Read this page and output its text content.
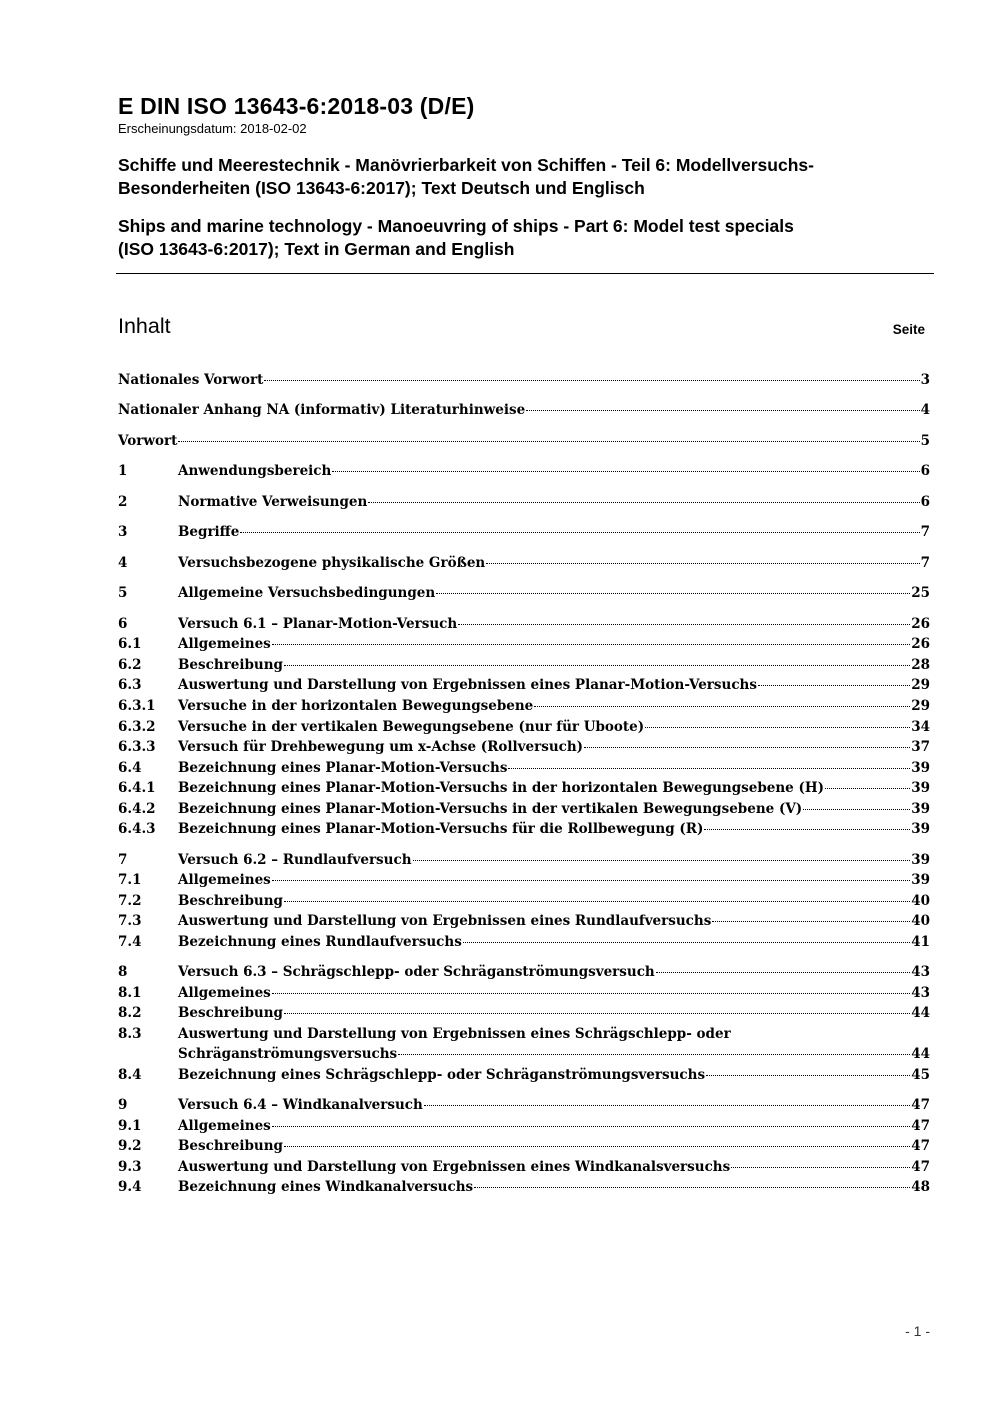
E DIN ISO 13643-6:2018-03 (D/E)
Erscheinungsdatum: 2018-02-02
Schiffe und Meerestechnik - Manövrierbarkeit von Schiffen - Teil 6: Modellversuchs-
Besonderheiten (ISO 13643-6:2017); Text Deutsch und Englisch
Ships and marine technology - Manoeuvring of ships - Part 6: Model test specials
(ISO 13643-6:2017); Text in German and English
Inhalt	Seite
Nationales Vorwort	3
Nationaler Anhang NA (informativ) Literaturhinweise	4
Vorwort	5
1	Anwendungsbereich	6
2	Normative Verweisungen	6
3	Begriffe	7
4	Versuchsbezogene physikalische Größen	7
5	Allgemeine Versuchsbedingungen	25
6	Versuch 6.1 – Planar-Motion-Versuch	26
6.1	Allgemeines	26
6.2	Beschreibung	28
6.3	Auswertung und Darstellung von Ergebnissen eines Planar-Motion-Versuchs	29
6.3.1 Versuche in der horizontalen Bewegungsebene	29
6.3.2 Versuche in der vertikalen Bewegungsebene (nur für Uboote)	34
6.3.3 Versuch für Drehbewegung um x-Achse (Rollversuch)	37
6.4	Bezeichnung eines Planar-Motion-Versuchs	39
6.4.1 Bezeichnung eines Planar-Motion-Versuchs in der horizontalen Bewegungsebene (H)	39
6.4.2 Bezeichnung eines Planar-Motion-Versuchs in der vertikalen Bewegungsebene (V)	39
6.4.3 Bezeichnung eines Planar-Motion-Versuchs für die Rollbewegung (R)	39
7	Versuch 6.2 – Rundlaufversuch	39
7.1	Allgemeines	39
7.2	Beschreibung	40
7.3	Auswertung und Darstellung von Ergebnissen eines Rundlaufversuchs	40
7.4	Bezeichnung eines Rundlaufversuchs	41
8	Versuch 6.3 – Schrägschlepp- oder Schräganströmungsversuch	43
8.1	Allgemeines	43
8.2	Beschreibung	44
8.3	Auswertung und Darstellung von Ergebnissen eines Schrägschlepp- oder
Schräganströmungsversuchs	44
8.4	Bezeichnung eines Schrägschlepp- oder Schräganströmungsversuchs	45
9	Versuch 6.4 – Windkanalversuch	47
9.1	Allgemeines	47
9.2	Beschreibung	47
9.3	Auswertung und Darstellung von Ergebnissen eines Windkanalsversuchs	47
9.4	Bezeichnung eines Windkanalversuchs	48
- 1 -
